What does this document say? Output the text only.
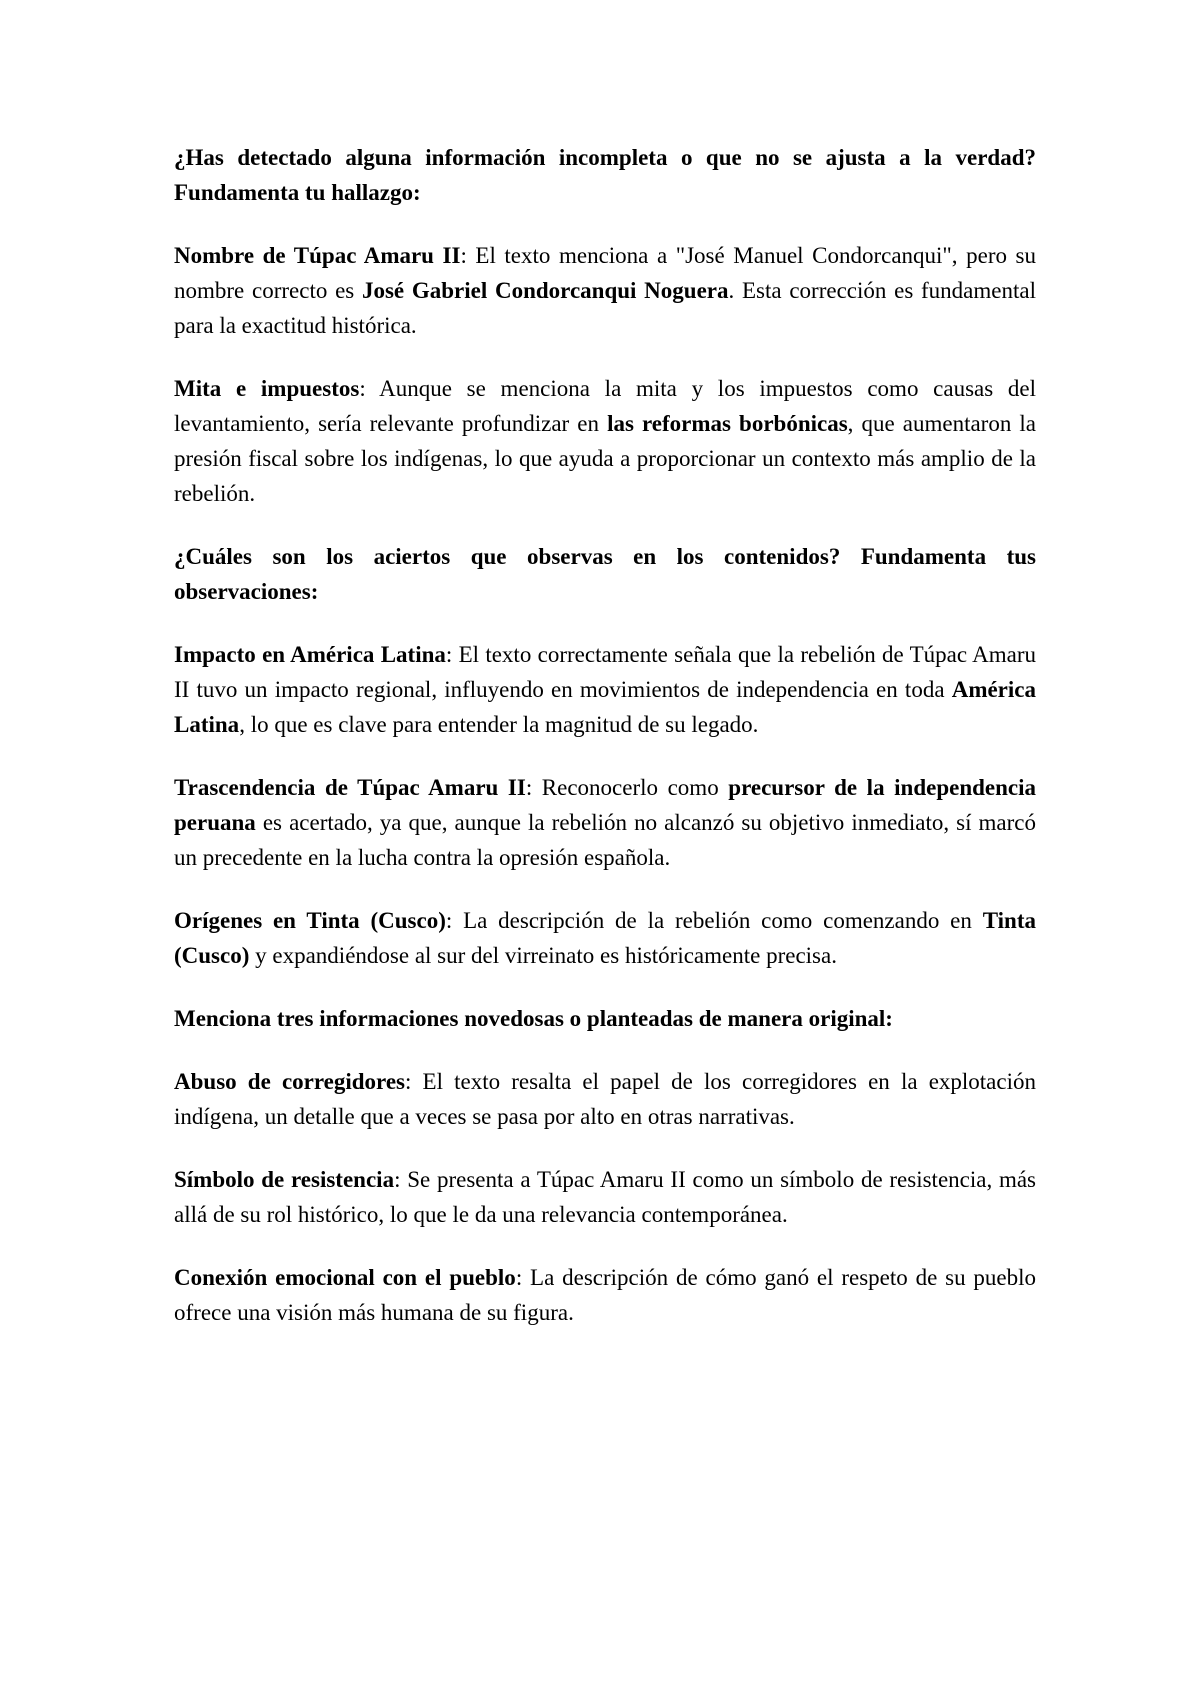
¿Has detectado alguna información incompleta o que no se ajusta a la verdad? Fundamenta tu hallazgo:

Nombre de Túpac Amaru II: El texto menciona a "José Manuel Condorcanqui", pero su nombre correcto es José Gabriel Condorcanqui Noguera. Esta corrección es fundamental para la exactitud histórica.

Mita e impuestos: Aunque se menciona la mita y los impuestos como causas del levantamiento, sería relevante profundizar en las reformas borbónicas, que aumentaron la presión fiscal sobre los indígenas, lo que ayuda a proporcionar un contexto más amplio de la rebelión.

¿Cuáles son los aciertos que observas en los contenidos? Fundamenta tus observaciones:

Impacto en América Latina: El texto correctamente señala que la rebelión de Túpac Amaru II tuvo un impacto regional, influyendo en movimientos de independencia en toda América Latina, lo que es clave para entender la magnitud de su legado.

Trascendencia de Túpac Amaru II: Reconocerlo como precursor de la independencia peruana es acertado, ya que, aunque la rebelión no alcanzó su objetivo inmediato, sí marcó un precedente en la lucha contra la opresión española.

Orígenes en Tinta (Cusco): La descripción de la rebelión como comenzando en Tinta (Cusco) y expandiéndose al sur del virreinato es históricamente precisa.

Menciona tres informaciones novedosas o planteadas de manera original:

Abuso de corregidores: El texto resalta el papel de los corregidores en la explotación indígena, un detalle que a veces se pasa por alto en otras narrativas.

Símbolo de resistencia: Se presenta a Túpac Amaru II como un símbolo de resistencia, más allá de su rol histórico, lo que le da una relevancia contemporánea.

Conexión emocional con el pueblo: La descripción de cómo ganó el respeto de su pueblo ofrece una visión más humana de su figura.
